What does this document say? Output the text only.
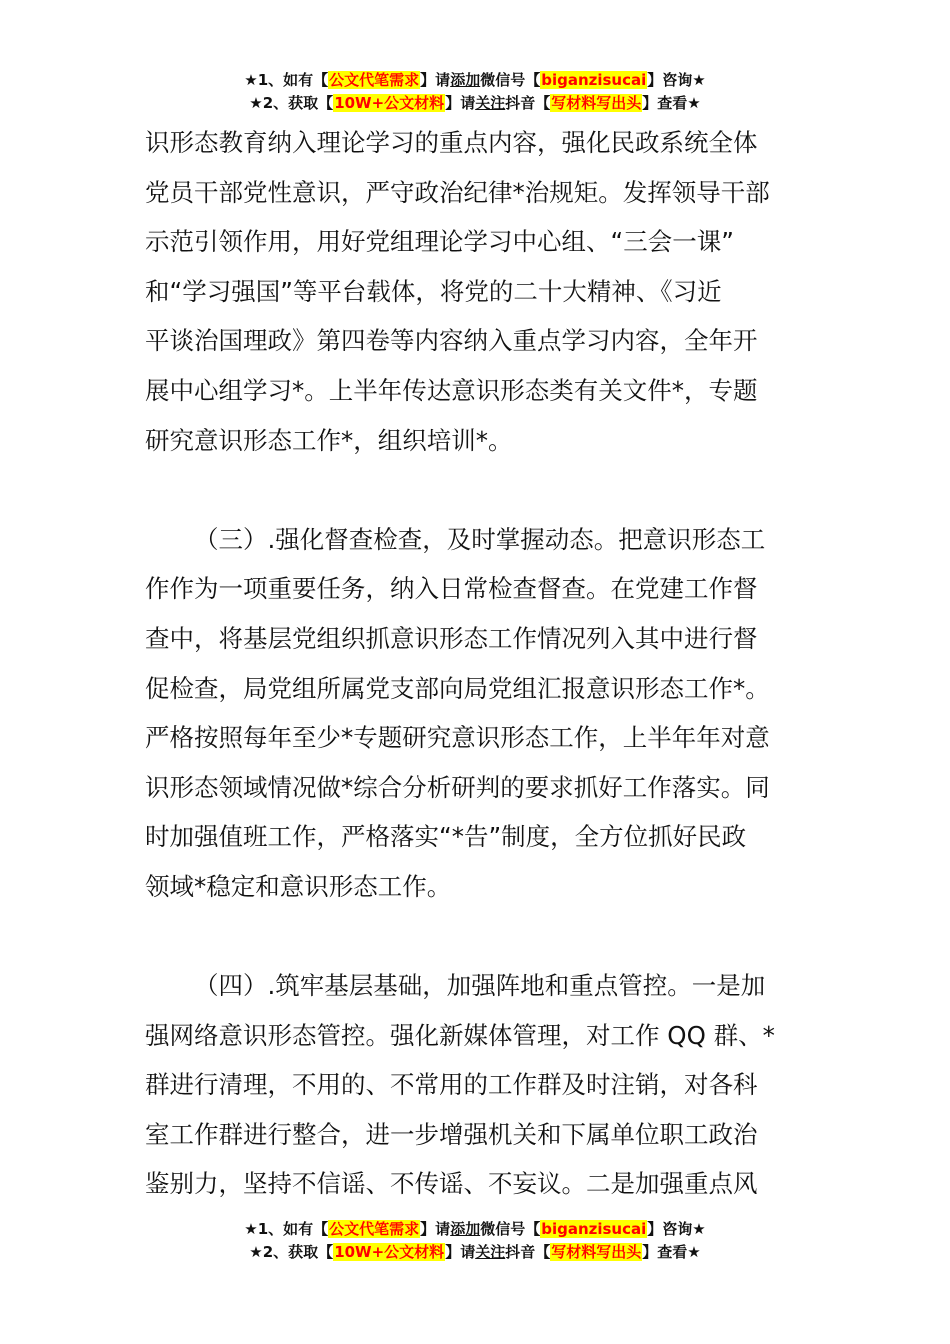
★1、如有【公文代笔需求】请添加微信号【biganzisucai】咨询★
★2、获取【10W+公文材料】请关注抖音【写材料写出头】查看★
识形态教育纳入理论学习的重点内容，强化民政系统全体
党员干部党性意识，严守政治纪律*治规矩。发挥领导干部
示范引领作用，用好党组理论学习中心组、“三会一课”
和“学习强国”等平台载体，将党的二十大精神、《习近
平谈治国理政》第四卷等内容纳入重点学习内容，全年开
展中心组学习*。上半年传达意识形态类有关文件*，专题
研究意识形态工作*，组织培训*。
（三）.强化督查检查，及时掌握动态。把意识形态工
作作为一项重要任务，纳入日常检查督查。在党建工作督
查中，将基层党组织抓意识形态工作情况列入其中进行督
促检查，局党组所属党支部向局党组汇报意识形态工作*。
严格按照每年至少*专题研究意识形态工作，上半年年对意
识形态领域情况做*综合分析研判的要求抓好工作落实。同
时加强值班工作，严格落实“*告”制度，全方位抓好民政
领域*稳定和意识形态工作。
（四）.筑牢基层基础，加强阵地和重点管控。一是加
强网络意识形态管控。强化新媒体管理，对工作 QQ 群、*
群进行清理，不用的、不常用的工作群及时注销，对各科
室工作群进行整合，进一步增强机关和下属单位职工政治
鉴别力，坚持不信谣、不传谣、不妄议。二是加强重点风
★1、如有【公文代笔需求】请添加微信号【biganzisucai】咨询★
★2、获取【10W+公文材料】请关注抖音【写材料写出头】查看★
